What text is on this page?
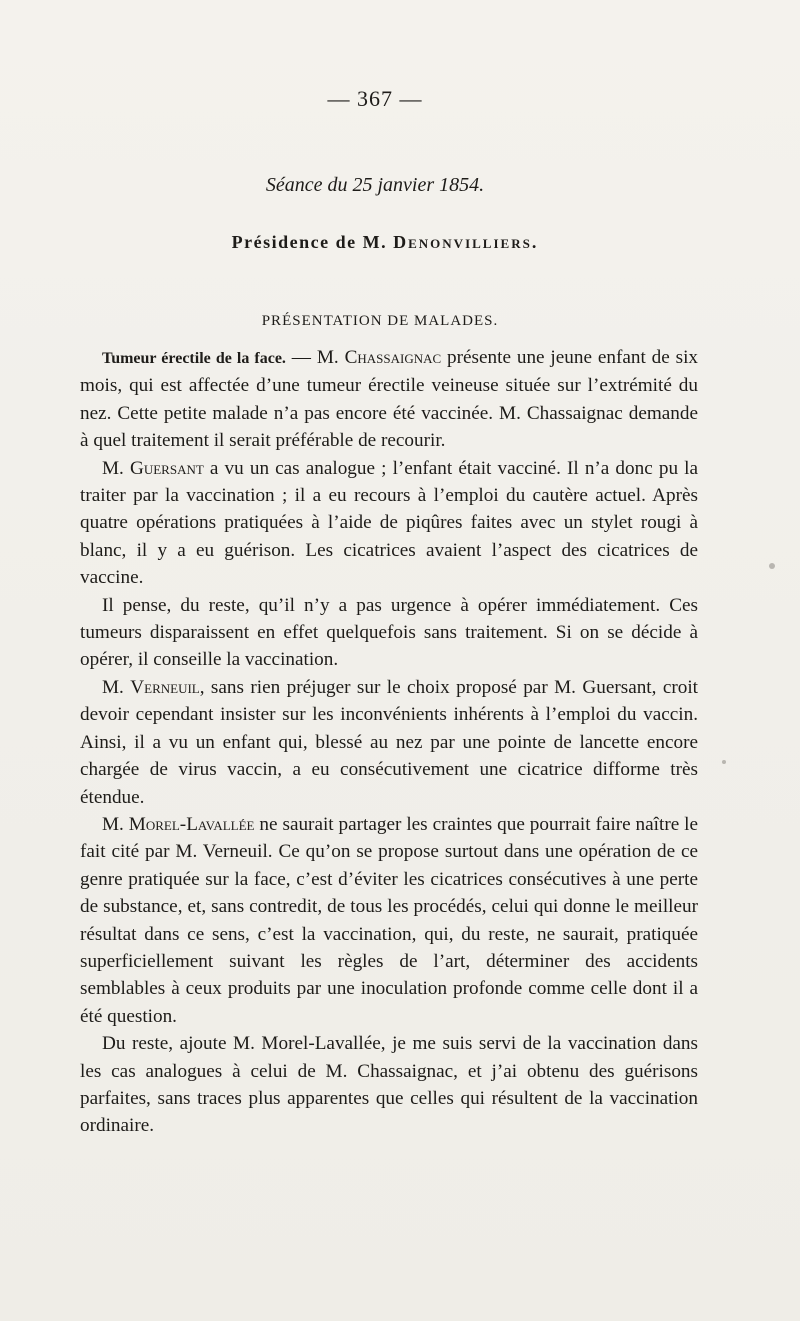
— 367 —
Séance du 25 janvier 1854.
Présidence de M. Denonvilliers.
PRÉSENTATION DE MALADES.

Tumeur érectile de la face. — M. Chassaignac présente une jeune enfant de six mois, qui est affectée d’une tumeur érectile veineuse située sur l’extrémité du nez. Cette petite malade n’a pas encore été vaccinée. M. Chassaignac demande à quel traitement il serait préférable de recourir.

M. Guersant a vu un cas analogue ; l’enfant était vacciné. Il n’a donc pu la traiter par la vaccination ; il a eu recours à l’emploi du cautère actuel. Après quatre opérations pratiquées à l’aide de piqûres faites avec un stylet rougi à blanc, il y a eu guérison. Les cicatrices avaient l’aspect des cicatrices de vaccine.

Il pense, du reste, qu’il n’y a pas urgence à opérer immédiatement. Ces tumeurs disparaissent en effet quelquefois sans traitement. Si on se décide à opérer, il conseille la vaccination.

M. Verneuil, sans rien préjuger sur le choix proposé par M. Guersant, croit devoir cependant insister sur les inconvénients inhérents à l’emploi du vaccin. Ainsi, il a vu un enfant qui, blessé au nez par une pointe de lancette encore chargée de virus vaccin, a eu consécutivement une cicatrice difforme très étendue.

M. Morel-Lavallée ne saurait partager les craintes que pourrait faire naître le fait cité par M. Verneuil. Ce qu’on se propose surtout dans une opération de ce genre pratiquée sur la face, c’est d’éviter les cicatrices consécutives à une perte de substance, et, sans contredit, de tous les procédés, celui qui donne le meilleur résultat dans ce sens, c’est la vaccination, qui, du reste, ne saurait, pratiquée superficiellement suivant les règles de l’art, déterminer des accidents semblables à ceux produits par une inoculation profonde comme celle dont il a été question.

Du reste, ajoute M. Morel-Lavallée, je me suis servi de la vaccination dans les cas analogues à celui de M. Chassaignac, et j’ai obtenu des guérisons parfaites, sans traces plus apparentes que celles qui résultent de la vaccination ordinaire.
